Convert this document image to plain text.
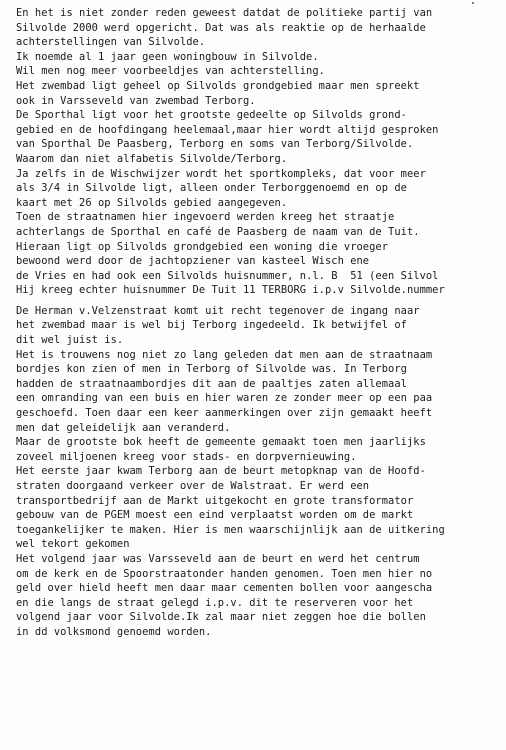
En het is niet zonder reden geweest datdat de politieke partij van
Silvolde 2000 werd opgericht. Dat was als reaktie op de herhaalde
achterstellingen van Silvolde.
Ik noemde al 1 jaar geen woningbouw in Silvolde.
Wil men nog meer voorbeeldjes van achterstelling.
Het zwembad ligt geheel op Silvolds grondgebied maar men spreekt
ook in Varsseveld van zwembad Terborg.
De Sporthal ligt voor het grootste gedeelte op Silvolds grond-
gebied en de hoofdingang heelemaal,maar hier wordt altijd gesproken
van Sporthal De Paasberg, Terborg en soms van Terborg/Silvolde.
Waarom dan niet alfabetis Silvolde/Terborg.
Ja zelfs in de Wischwijzer wordt het sportkompleks, dat voor meer
als 3/4 in Silvolde ligt, alleen onder Terborggenoemd en op de
kaart met 26 op Silvolds gebied aangegeven.
Toen de straatnamen hier ingevoerd werden kreeg het straatje
achterlangs de Sporthal en café de Paasberg de naam van de Tuit.
Hieraan ligt op Silvolds grondgebied een woning die vroeger
bewoond werd door de jachtopziener van kasteel Wisch ene
de Vries en had ook een Silvolds huisnummer, n.l. B  51 (een Silvol
Hij kreeg echter huisnummer De Tuit 11 TERBORG i.p.v Silvolde.nummer
De Herman v.Velzenstraat komt uit recht tegenover de ingang naar
het zwembad maar is wel bij Terborg ingedeeld. Ik betwijfel of
dit wel juist is.
Het is trouwens nog niet zo lang geleden dat men aan de straatnaam
bordjes kon zien of men in Terborg of Silvolde was. In Terborg
hadden de straatnaambordjes dit aan de paaltjes zaten allemaal
een omranding van een buis en hier waren ze zonder meer op een paa
geschoefd. Toen daar een keer aanmerkingen over zijn gemaakt heeft
men dat geleidelijk aan veranderd.
Maar de grootste bok heeft de gemeente gemaakt toen men jaarlijks
zoveel miljoenen kreeg voor stads- en dorpvernieuwing.
Het eerste jaar kwam Terborg aan de beurt metopknap van de Hoofd-
straten doorgaand verkeer over de Walstraat. Er werd een
transportbedrijf aan de Markt uitgekocht en grote transformator
gebouw van de PGEM moest een eind verplaatst worden om de markt
toegankelijker te maken. Hier is men waarschijnlijk aan de uitkering
wel tekort gekomen
Het volgend jaar was Varsseveld aan de beurt en werd het centrum
om de kerk en de Spoorstraatonder handen genomen. Toen men hier no
geld over hield heeft men daar maar cementen bollen voor aangescha
en die langs de straat gelegd i.p.v. dit te reserveren voor het
volgend jaar voor Silvolde.Ik zal maar niet zeggen hoe die bollen
in dd volksmond genoemd worden.
